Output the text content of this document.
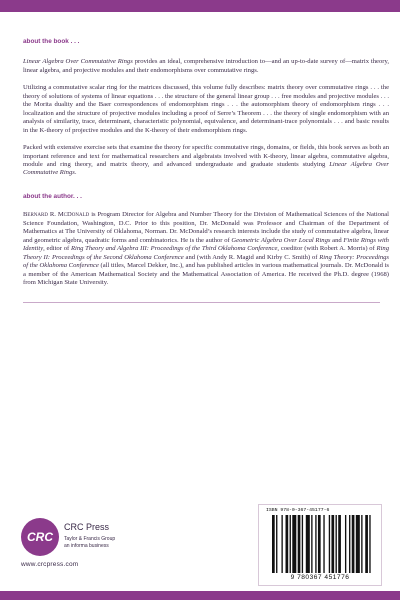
about the book . . .

Linear Algebra Over Commutative Rings provides an ideal, comprehensive introduction to—and an up-to-date survey of—matrix theory, linear algebra, and projective modules and their endomorphisms over commutative rings.

Utilizing a commutative scalar ring for the matrices discussed, this volume fully describes: matrix theory over commutative rings . . . the theory of solutions of systems of linear equations . . . the structure of the general linear group . . . free modules and projective modules . . . the Morita duality and the Baer correspondences of endomorphism rings . . . the automorphism theory of endomorphism rings . . . localization and the structure of projective modules including a proof of Serre’s Theorem . . . the theory of single endomorphism with an analysis of similarity, trace, determinant, characteristic polynomial, equivalence, and determinant-trace polynomials . . . and basic results in the K-theory of projective modules and the K-theory of their endomorphism rings.

Packed with extensive exercise sets that examine the theory for specific commutative rings, domains, or fields, this book serves as both an important reference and text for mathematical researchers and algebraists involved with K-theory, linear algebra, commutative algebra, module and ring theory, and matrix theory, and advanced undergraduate and graduate students studying Linear Algebra Over Commutative Rings.

about the author. . .

Bernard R. McDonald is Program Director for Algebra and Number Theory for the Division of Mathematical Sciences of the National Science Foundation, Washington, D.C. Prior to this position, Dr. McDonald was Professor and Chairman of the Department of Mathematics at The University of Oklahoma, Norman. Dr. McDonald’s research interests include the study of commutative algebra, linear and geometric algebra, quadratic forms and combinatorics. He is the author of Geometric Algebra Over Local Rings and Finite Rings with Identity, editor of Ring Theory and Algebra III: Proceedings of the Third Oklahoma Conference, coeditor (with Robert A. Morris) of Ring Theory II: Proceedings of the Second Oklahoma Conference and (with Andy R. Magid and Kirby C. Smith) of Ring Theory: Proceedings of the Oklahoma Conference (all titles, Marcel Dekker, Inc.), and has published articles in various mathematical journals. Dr. McDonald is a member of the American Mathematical Society and the Mathematical Association of America. He received the Ph.D. degree (1968) from Michigan State University.

CRC
CRC Press
Taylor & Francis Group
an informa business
www.crcpress.com
ISBN 978-0-367-45177-6
9 780367 451776
